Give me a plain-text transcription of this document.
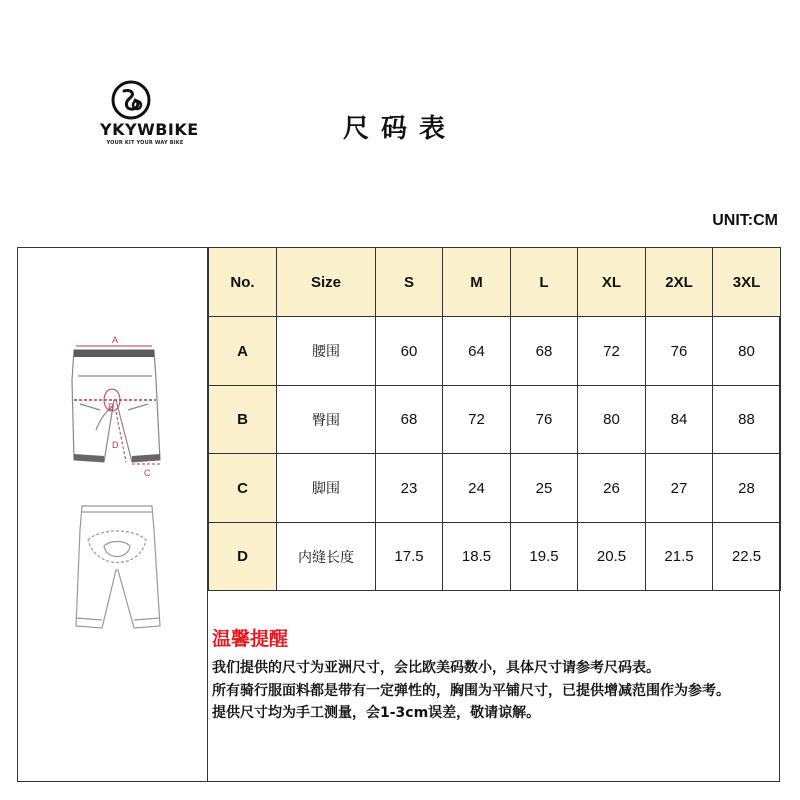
YKYWBIKE
YOUR KIT YOUR WAY BIKE	尺码表
UNIT:CM
A
B
D
C
No.	Size	S	M	L	XL	2XL	3XL
A	腰围	60	64	68	72	76	80
B	臀围	68	72	76	80	84	88
C	脚围	23	24	25	26	27	28
D	内缝长度	17.5	18.5	19.5	20.5	21.5	22.5
温馨提醒

我们提供的尺寸为亚洲尺寸，会比欧美码数小，具体尺寸请参考尺码表。

所有骑行服面料都是带有一定弹性的，胸围为平铺尺寸，已提供增减范围作为参考。

提供尺寸均为手工测量，会1-3cm误差，敬请谅解。
